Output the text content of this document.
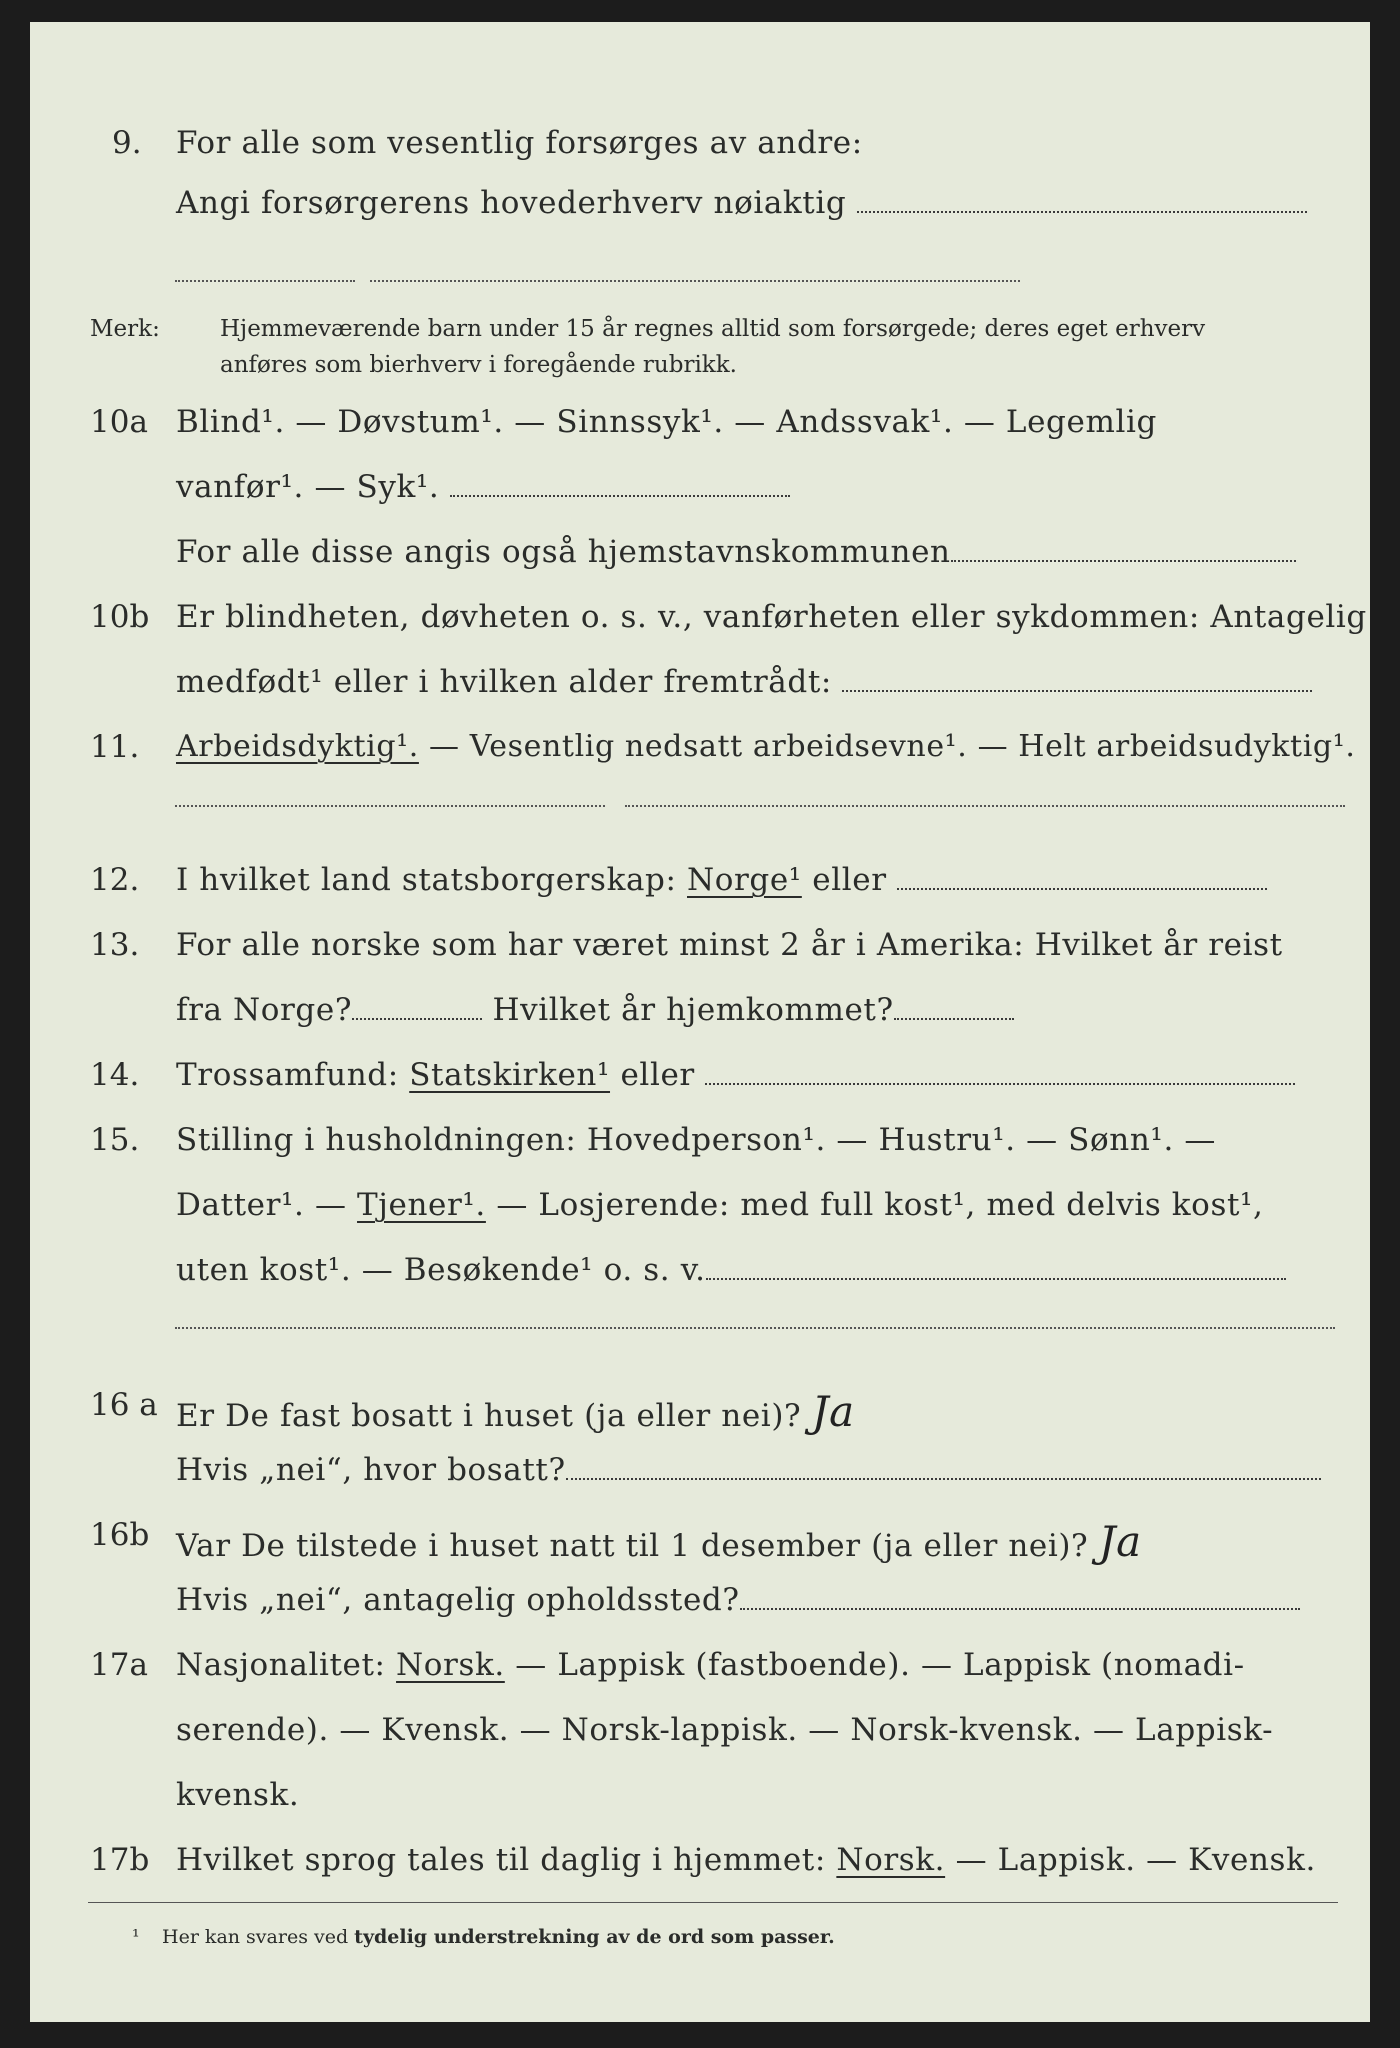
9. For alle som vesentlig forsørges av andre:
Angi forsørgerens hovederhverv nøiaktig
Merk:	Hjemmeværende barn under 15 år regnes alltid som forsørgede; deres eget erhverv
anføres som bierhverv i foregående rubrikk.
10a Blind¹. — Døvstum¹. — Sinnssyk¹. — Andssvak¹. — Legemlig
vanfør¹. — Syk¹.
For alle disse angis også hjemstavnskommunen
10b Er blindheten, døvheten o. s. v., vanførheten eller sykdommen: Antagelig
medfødt¹ eller i hvilken alder fremtrådt:
11. Arbeidsdyktig¹. — Vesentlig nedsatt arbeidsevne¹. — Helt arbeidsudyktig¹.
12. I hvilket land statsborgerskap: Norge¹ eller
13. For alle norske som har været minst 2 år i Amerika: Hvilket år reist
fra Norge?	Hvilket år hjemkommet?
14. Trossamfund: Statskirken¹ eller
15. Stilling i husholdningen: Hovedperson¹. — Hustru¹. — Sønn¹. —
Datter¹. — Tjener¹. — Losjerende: med full kost¹, med delvis kost¹,
uten kost¹. — Besøkende¹ o. s. v.
16 a Er De fast bosatt i huset (ja eller nei)? Ja
Hvis „nei“, hvor bosatt?
16b Var De tilstede i huset natt til 1 desember (ja eller nei)? Ja
Hvis „nei“, antagelig opholdssted?
17a Nasjonalitet: Norsk. — Lappisk (fastboende). — Lappisk (nomadi-
serende). — Kvensk. — Norsk-lappisk. — Norsk-kvensk. — Lappisk-
kvensk.
17b Hvilket sprog tales til daglig i hjemmet: Norsk. — Lappisk. — Kvensk.
¹ Her kan svares ved tydelig understrekning av de ord som passer.
